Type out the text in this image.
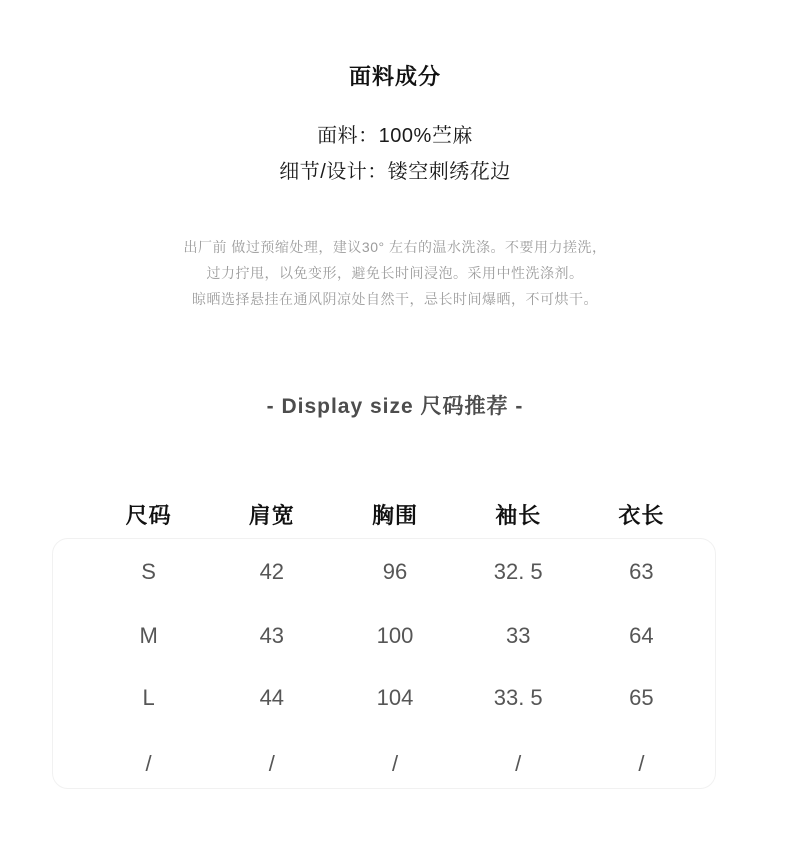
面料成分
面料：100%苎麻
细节/设计：镂空刺绣花边
出厂前 做过预缩处理，建议30° 左右的温水洗涤。不要用力搓洗，
过力拧甩，以免变形，避免长时间浸泡。采用中性洗涤剂。
晾晒选择悬挂在通风阴凉处自然干，忌长时间爆晒，不可烘干。
- Display size 尺码推荐 -
尺码	肩宽	胸围	袖长	衣长
S	42	96	32. 5	63
M	43	100	33	64
L	44	104	33. 5	65
/	/	/	/	/
